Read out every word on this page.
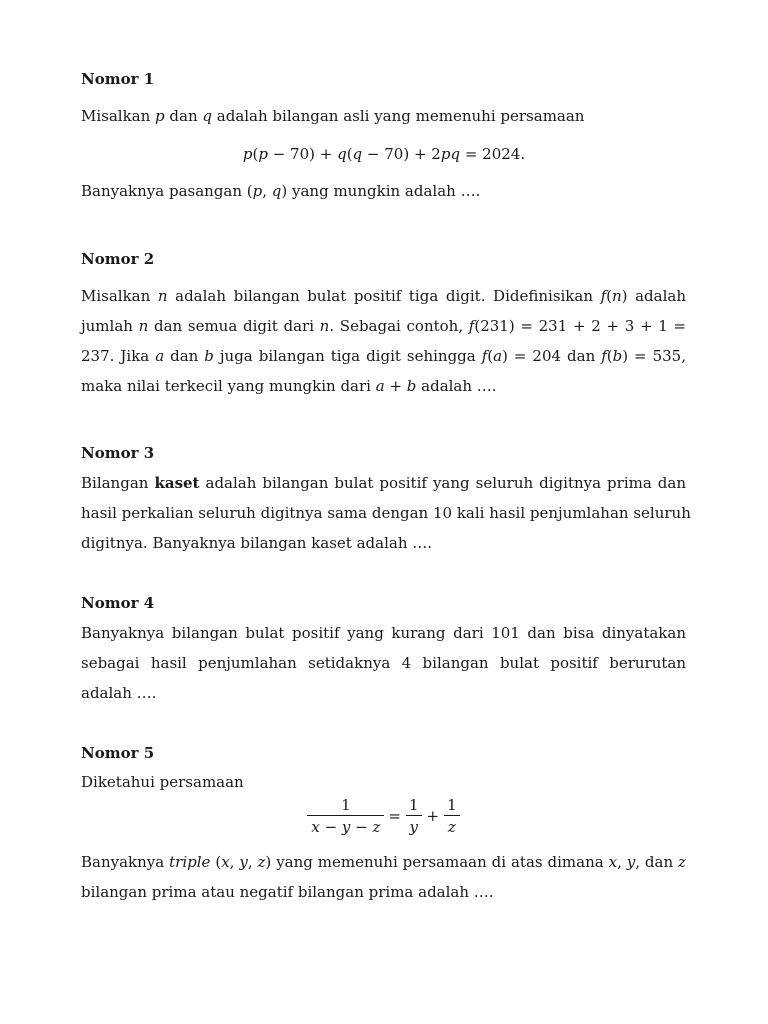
Nomor 1
Misalkan 𝑝 dan 𝑞 adalah bilangan asli yang memenuhi persamaan
𝑝(𝑝 − 70) + 𝑞(𝑞 − 70) + 2𝑝𝑞 = 2024.
Banyaknya pasangan (𝑝, 𝑞) yang mungkin adalah ….
Nomor 2
Misalkan 𝑛 adalah bilangan bulat positif tiga digit. Didefinisikan 𝑓(𝑛) adalah
jumlah 𝑛 dan semua digit dari 𝑛. Sebagai contoh, 𝑓(231) = 231 + 2 + 3 + 1 =
237. Jika 𝑎 dan 𝑏 juga bilangan tiga digit sehingga 𝑓(𝑎) = 204 dan 𝑓(𝑏) = 535,
maka nilai terkecil yang mungkin dari 𝑎 + 𝑏 adalah ….
Nomor 3
Bilangan kaset adalah bilangan bulat positif yang seluruh digitnya prima dan
hasil perkalian seluruh digitnya sama dengan 10 kali hasil penjumlahan seluruh
digitnya. Banyaknya bilangan kaset adalah ….
Nomor 4
Banyaknya bilangan bulat positif yang kurang dari 101 dan bisa dinyatakan
sebagai hasil penjumlahan setidaknya 4 bilangan bulat positif berurutan
adalah ….
Nomor 5
Diketahui persamaan
$\frac{1}{\text{𝑥 − 𝑦 − 𝑧}} = \frac{1}{\text{𝑦}} + \frac{1}{\text{𝑧}}$
Banyaknya triple (𝑥, 𝑦, 𝑧) yang memenuhi persamaan di atas dimana 𝑥, 𝑦, dan 𝑧
bilangan prima atau negatif bilangan prima adalah ….
